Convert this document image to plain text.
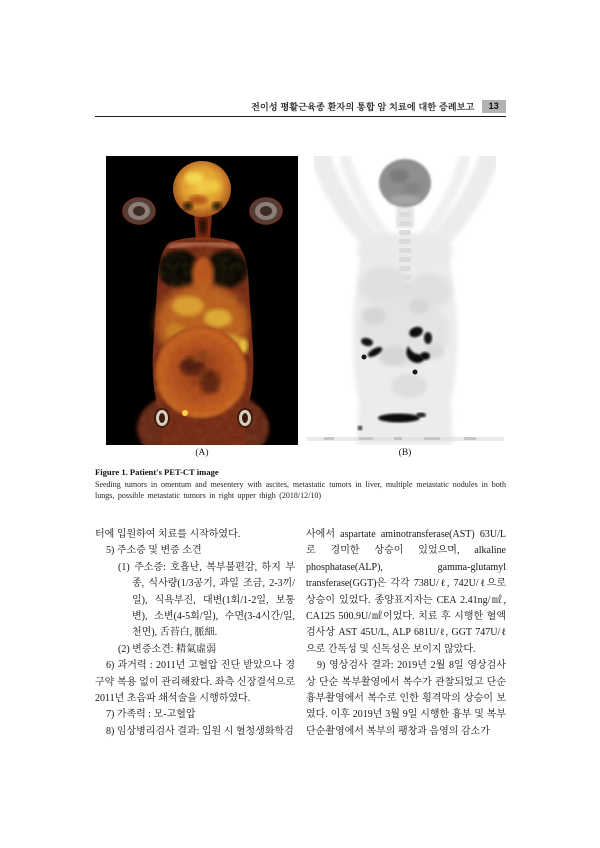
전이성 평활근육종 환자의 통합 암 치료에 대한 증례보고	13
(A)	(B)
Figure 1. Patient's PET-CT image
Seeding tumors in omentum and mesentery with ascites, metastatic tumors in liver, multiple metastatic nodules in both lungs, possible metastatic tumors in right upper thigh (2018/12/10)

터에 입원하여 치료를 시작하였다.

5) 주소증 및 변증 소견

(1) 주소증: 호흡난, 복부불편감, 하지 부종, 식사량(1/3공기, 과일 조금, 2-3끼/일), 식욕부진, 대변(1회/1-2일, 보통변), 소변(4-5회/일), 수면(3-4시간/일, 천면), 舌苔白, 脈細.

(2) 변증소견: 精氣虛弱

6) 과거력 : 2011년 고혈압 진단 받았으나 경구약 복용 없이 관리해왔다. 좌측 신장결석으로 2011년 초음파 쇄석술을 시행하였다.

7) 가족력 : 모-고혈압

8) 임상병리검사 결과: 입원 시 혈청생화학검

사에서 aspartate aminotransferase(AST) 63U/L로 경미한 상승이 있었으며, alkaline phosphatase(ALP), gamma-glutamyl transferase(GGT)은 각각 738U/ℓ, 742U/ℓ으로 상승이 있었다. 종양표지자는 CEA 2.41ng/㎖, CA125 500.9U/㎖이었다. 치료 후 시행한 혈액검사상 AST 45U/L, ALP 681U/ℓ, GGT 747U/ℓ으로 간독성 및 신독성은 보이지 않았다.

9) 영상검사 결과: 2019년 2월 8일 영상검사상 단순 복부촬영에서 복수가 관찰되었고 단순 흉부촬영에서 복수로 인한 횡격막의 상승이 보였다. 이후 2019년 3월 9일 시행한 흉부 및 복부 단순촬영에서 복부의 팽창과 음영의 감소가
